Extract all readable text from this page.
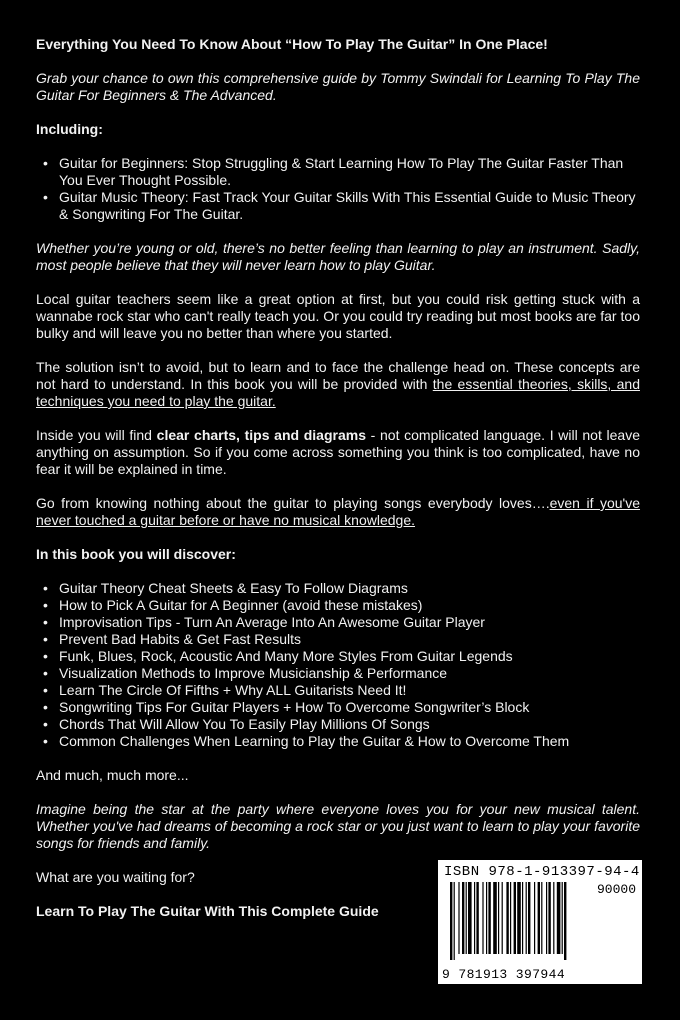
Everything You Need To Know About “How To Play The Guitar” In One Place!

Grab your chance to own this comprehensive guide by Tommy Swindali for Learning To Play The Guitar For Beginners & The Advanced.

Including:

• Guitar for Beginners: Stop Struggling & Start Learning How To Play The Guitar Faster Than You Ever Thought Possible.
• Guitar Music Theory: Fast Track Your Guitar Skills With This Essential Guide to Music Theory & Songwriting For The Guitar.

Whether you’re young or old, there’s no better feeling than learning to play an instrument. Sadly, most people believe that they will never learn how to play Guitar.

Local guitar teachers seem like a great option at first, but you could risk getting stuck with a wannabe rock star who can't really teach you. Or you could try reading but most books are far too bulky and will leave you no better than where you started.

The solution isn’t to avoid, but to learn and to face the challenge head on. These concepts are not hard to understand. In this book you will be provided with the essential theories, skills, and techniques you need to play the guitar.

Inside you will find clear charts, tips and diagrams - not complicated language. I will not leave anything on assumption. So if you come across something you think is too complicated, have no fear it will be explained in time.

Go from knowing nothing about the guitar to playing songs everybody loves….even if you've never touched a guitar before or have no musical knowledge.

In this book you will discover:

• Guitar Theory Cheat Sheets & Easy To Follow Diagrams
• How to Pick A Guitar for A Beginner (avoid these mistakes)
• Improvisation Tips - Turn An Average Into An Awesome Guitar Player
• Prevent Bad Habits & Get Fast Results
• Funk, Blues, Rock, Acoustic And Many More Styles From Guitar Legends
• Visualization Methods to Improve Musicianship & Performance
• Learn The Circle Of Fifths + Why ALL Guitarists Need It!
• Songwriting Tips For Guitar Players + How To Overcome Songwriter’s Block
• Chords That Will Allow You To Easily Play Millions Of Songs
• Common Challenges When Learning to Play the Guitar & How to Overcome Them

And much, much more...

Imagine being the star at the party where everyone loves you for your new musical talent. Whether you've had dreams of becoming a rock star or you just want to learn to play your favorite songs for friends and family.

What are you waiting for?

Learn To Play The Guitar With This Complete Guide

ISBN 978-1-913397-94-4
90000
9 781913 397944
